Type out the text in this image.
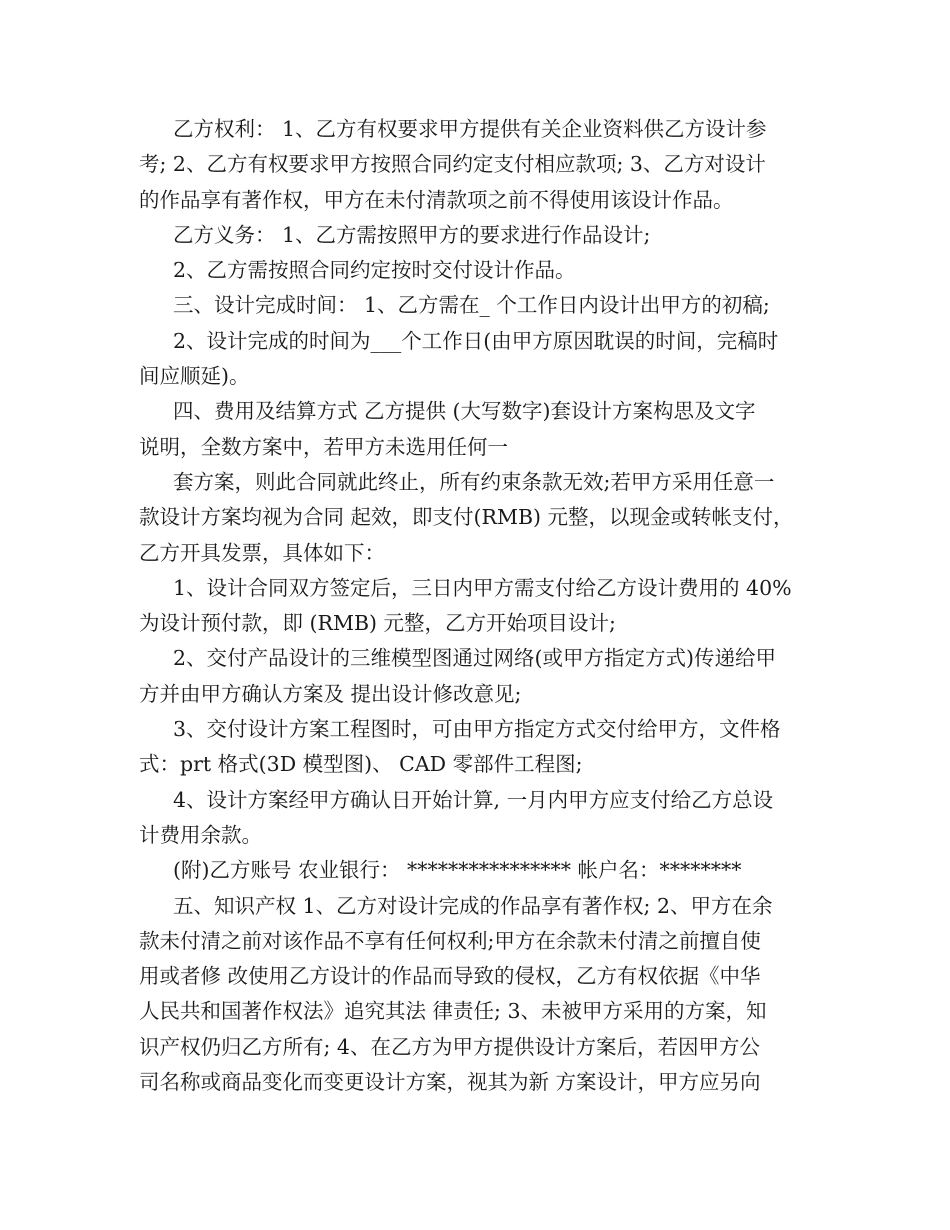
乙方权利： 1、乙方有权要求甲方提供有关企业资料供乙方设计参
考; 2、乙方有权要求甲方按照合同约定支付相应款项; 3、乙方对设计
的作品享有著作权，甲方在未付清款项之前不得使用该设计作品。
乙方义务： 1、乙方需按照甲方的要求进行作品设计;
2、乙方需按照合同约定按时交付设计作品。
三、设计完成时间： 1、乙方需在_ 个工作日内设计出甲方的初稿;
2、设计完成的时间为___个工作日(由甲方原因耽误的时间，完稿时
间应顺延)。
四、费用及结算方式 乙方提供 (大写数字)套设计方案构思及文字
说明，全数方案中，若甲方未选用任何一
套方案，则此合同就此终止，所有约束条款无效;若甲方采用任意一
款设计方案均视为合同 起效，即支付(RMB) 元整，以现金或转帐支付，
乙方开具发票，具体如下：
1、设计合同双方签定后，三日内甲方需支付给乙方设计费用的 40%
为设计预付款，即 (RMB) 元整，乙方开始项目设计;
2、交付产品设计的三维模型图通过网络(或甲方指定方式)传递给甲
方并由甲方确认方案及 提出设计修改意见;
3、交付设计方案工程图时，可由甲方指定方式交付给甲方，文件格
式：prt 格式(3D 模型图)、 CAD 零部件工程图;
4、设计方案经甲方确认日开始计算, 一月内甲方应支付给乙方总设
计费用余款。
(附)乙方账号 农业银行： **************** 帐户名：********
五、知识产权 1、乙方对设计完成的作品享有著作权; 2、甲方在余
款未付清之前对该作品不享有任何权利;甲方在余款未付清之前擅自使
用或者修 改使用乙方设计的作品而导致的侵权，乙方有权依据《中华
人民共和国著作权法》追究其法 律责任; 3、未被甲方采用的方案，知
识产权仍归乙方所有; 4、在乙方为甲方提供设计方案后，若因甲方公
司名称或商品变化而变更设计方案，视其为新 方案设计，甲方应另向
